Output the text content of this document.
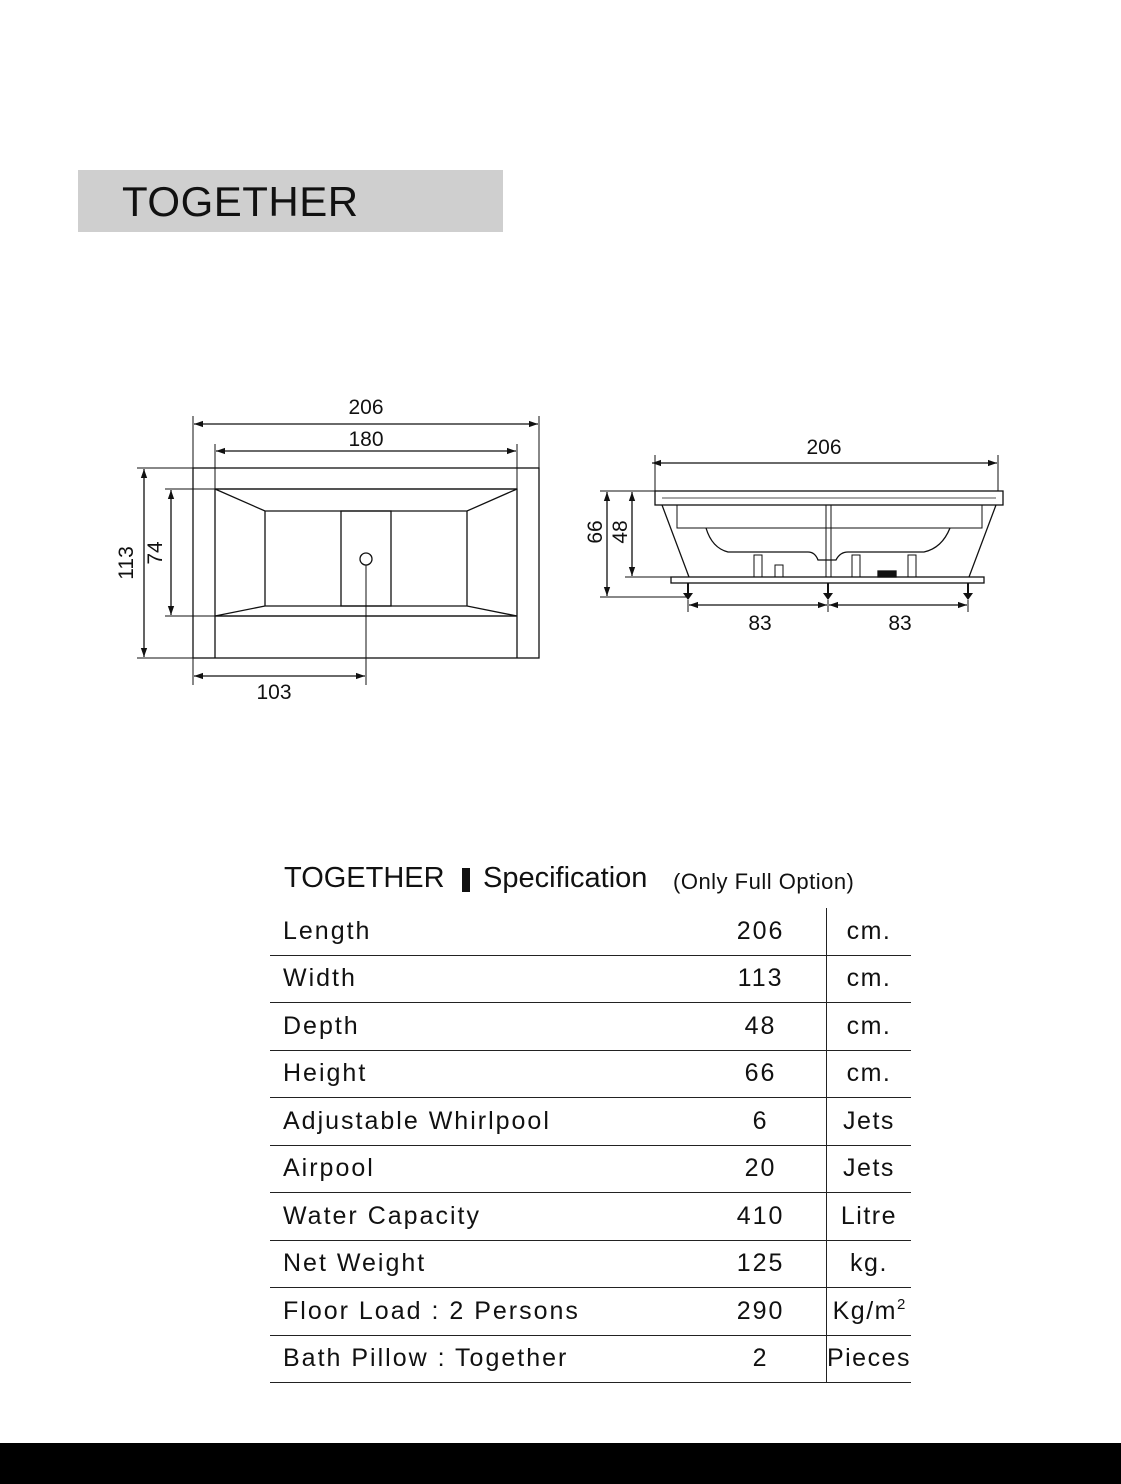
TOGETHER
206
180
113 74
103
206
66 48
83	83
TOGETHER Specification (Only Full Option)
Length	206	cm.
Width	113	cm.
Depth	48	cm.
Height	66	cm.
Adjustable Whirlpool	6	Jets
Airpool	20	Jets
Water Capacity	410	Litre
Net Weight	125	kg.
Floor Load : 2 Persons	290	$Kg/m^2$
Bath Pillow : Together	2	Pieces
